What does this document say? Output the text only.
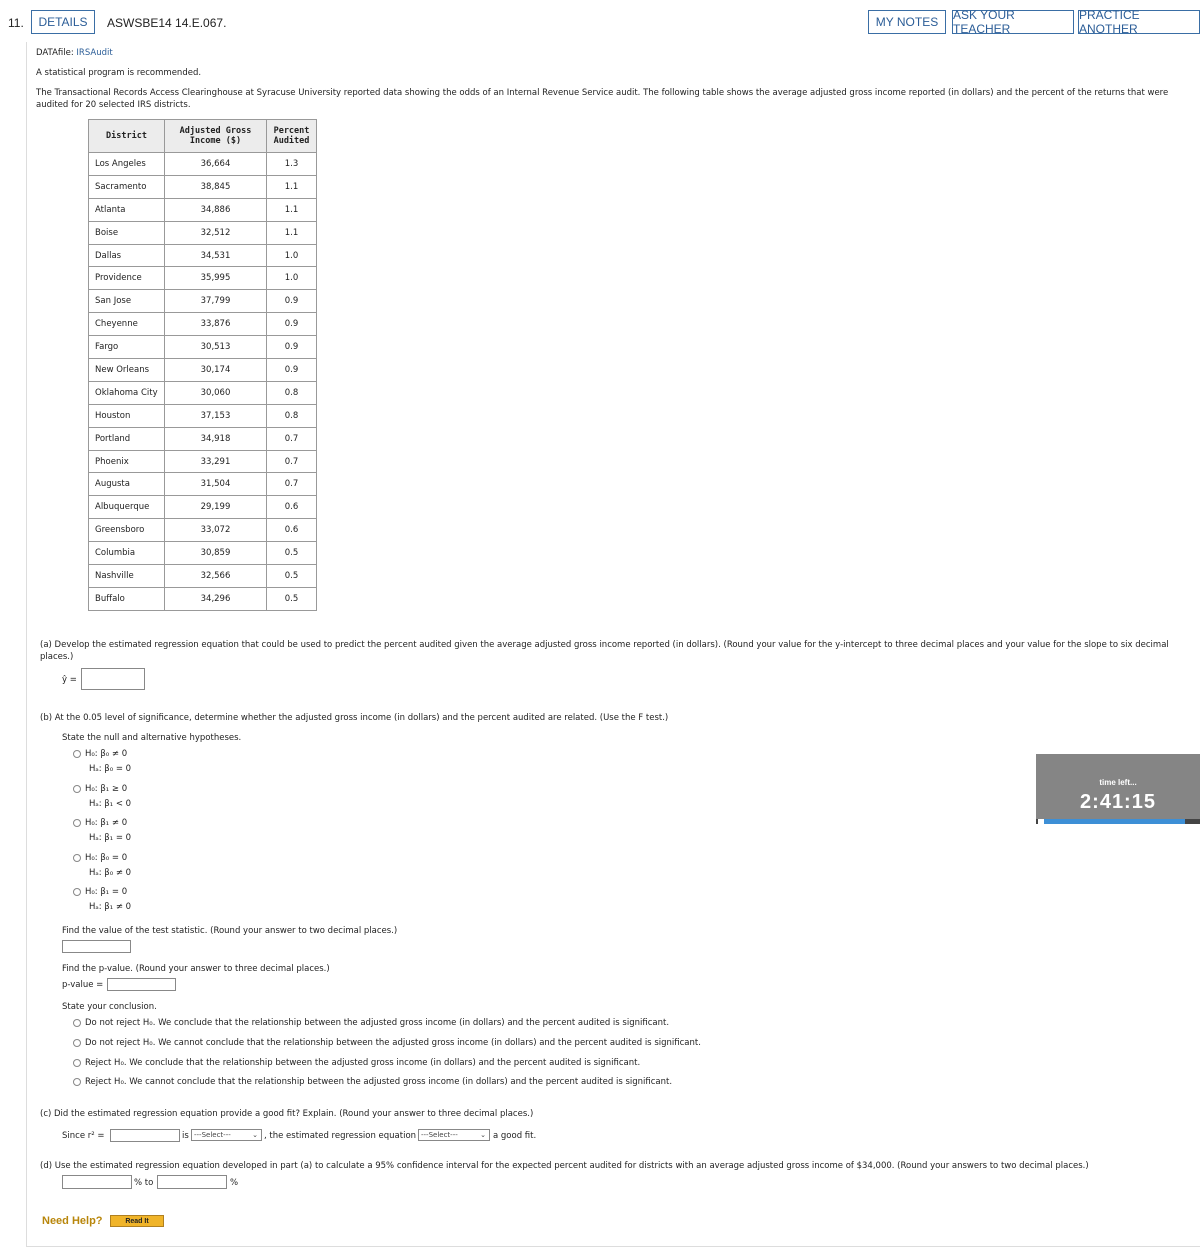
11.	DETAILS	ASWSBE14 14.E.067.	MY NOTES	ASK YOUR TEACHER
PRACTICE ANOTHER
DATAfile: IRSAudit
A statistical program is recommended.
The Transactional Records Access Clearinghouse at Syracuse University reported data showing the odds of an Internal Revenue Service audit. The following table shows the average adjusted gross income reported (in dollars) and the percent of the returns that were audited for 20 selected IRS districts.
District	Adjusted Gross Income ($)	Percent Audited
Los Angeles	36,664	1.3
Sacramento	38,845	1.1
Atlanta	34,886	1.1
Boise	32,512	1.1
Dallas	34,531	1.0
Providence	35,995	1.0
San Jose	37,799	0.9
Cheyenne	33,876	0.9
Fargo	30,513	0.9
New Orleans	30,174	0.9
Oklahoma City	30,060	0.8
Houston	37,153	0.8
Portland	34,918	0.7
Phoenix	33,291	0.7
Augusta	31,504	0.7
Albuquerque	29,199	0.6
Greensboro	33,072	0.6
Columbia	30,859	0.5
Nashville	32,566	0.5
Buffalo	34,296	0.5
(a) Develop the estimated regression equation that could be used to predict the percent audited given the average adjusted gross income reported (in dollars). (Round your value for the y-intercept to three decimal places and your value for the slope to six decimal places.)
ŷ =
(b) At the 0.05 level of significance, determine whether the adjusted gross income (in dollars) and the percent audited are related. (Use the F test.)
State the null and alternative hypotheses.
H₀: β₀ ≠ 0
Hₐ: β₀ = 0
H₀: β₁ ≥ 0
Hₐ: β₁ < 0
H₀: β₁ ≠ 0
Hₐ: β₁ = 0
H₀: β₀ = 0
Hₐ: β₀ ≠ 0
H₀: β₁ = 0
Hₐ: β₁ ≠ 0
Find the value of the test statistic. (Round your answer to two decimal places.)
Find the p-value. (Round your answer to three decimal places.)
p-value =
State your conclusion.
Do not reject H₀. We conclude that the relationship between the adjusted gross income (in dollars) and the percent audited is significant.
Do not reject H₀. We cannot conclude that the relationship between the adjusted gross income (in dollars) and the percent audited is significant.
Reject H₀. We conclude that the relationship between the adjusted gross income (in dollars) and the percent audited is significant.
Reject H₀. We cannot conclude that the relationship between the adjusted gross income (in dollars) and the percent audited is significant.
(c) Did the estimated regression equation provide a good fit? Explain. (Round your answer to three decimal places.)
Since r² =	is ---Select---	⌄ , the estimated regression equation ---Select---	⌄ a good fit.
(d) Use the estimated regression equation developed in part (a) to calculate a 95% confidence interval for the expected percent audited for districts with an average adjusted gross income of $34,000. (Round your answers to two decimal places.)
% to	%
Need Help?	Read It
time left...
2:41:15
